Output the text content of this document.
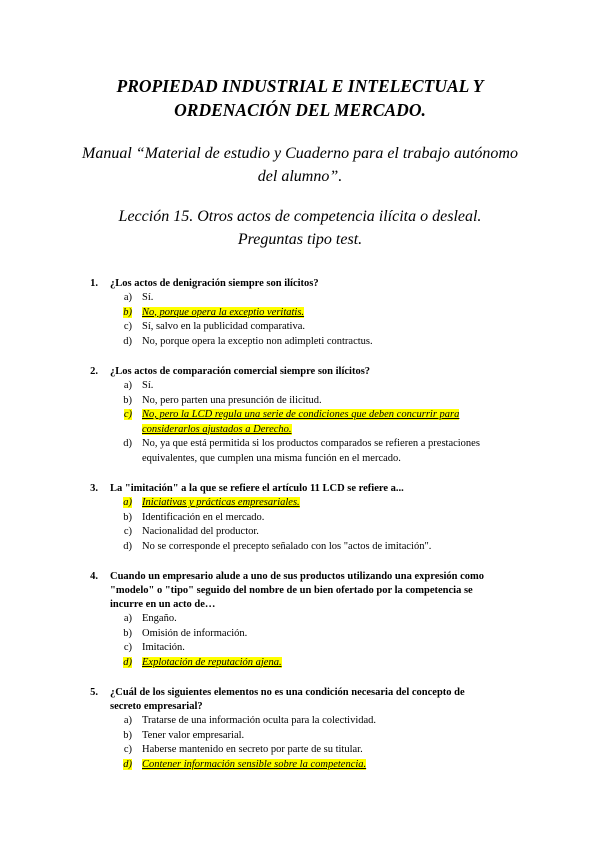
PROPIEDAD INDUSTRIAL E INTELECTUAL Y
ORDENACIÓN DEL MERCADO.
Manual “Material de estudio y Cuaderno para el trabajo autónomo
del alumno”.
Lección 15. Otros actos de competencia ilícita o desleal.
Preguntas tipo test.
1.	¿Los actos de denigración siempre son ilícitos?
a) Sí.
b) No, porque opera la exceptio veritatis.
c) Sí, salvo en la publicidad comparativa.
d) No, porque opera la exceptio non adimpleti contractus.
2.	¿Los actos de comparación comercial siempre son ilícitos?
a) Sí.
b) No, pero parten una presunción de ilicitud.
c) No, pero la LCD regula una serie de condiciones que deben concurrir para considerarlos ajustados a Derecho.
d) No, ya que está permitida si los productos comparados se refieren a prestaciones equivalentes, que cumplen una misma función en el mercado.
3.	La "imitación" a la que se refiere el artículo 11 LCD se refiere a...
a) Iniciativas y prácticas empresariales.
b) Identificación en el mercado.
c) Nacionalidad del productor.
d) No se corresponde el precepto señalado con los "actos de imitación".
4.	Cuando un empresario alude a uno de sus productos utilizando una expresión como "modelo" o "tipo" seguido del nombre de un bien ofertado por la competencia se incurre en un acto de…
a) Engaño.
b) Omisión de información.
c) Imitación.
d) Explotación de reputación ajena.
5.	¿Cuál de los siguientes elementos no es una condición necesaria del concepto de secreto empresarial?
a) Tratarse de una información oculta para la colectividad.
b) Tener valor empresarial.
c) Haberse mantenido en secreto por parte de su titular.
d) Contener información sensible sobre la competencia.
